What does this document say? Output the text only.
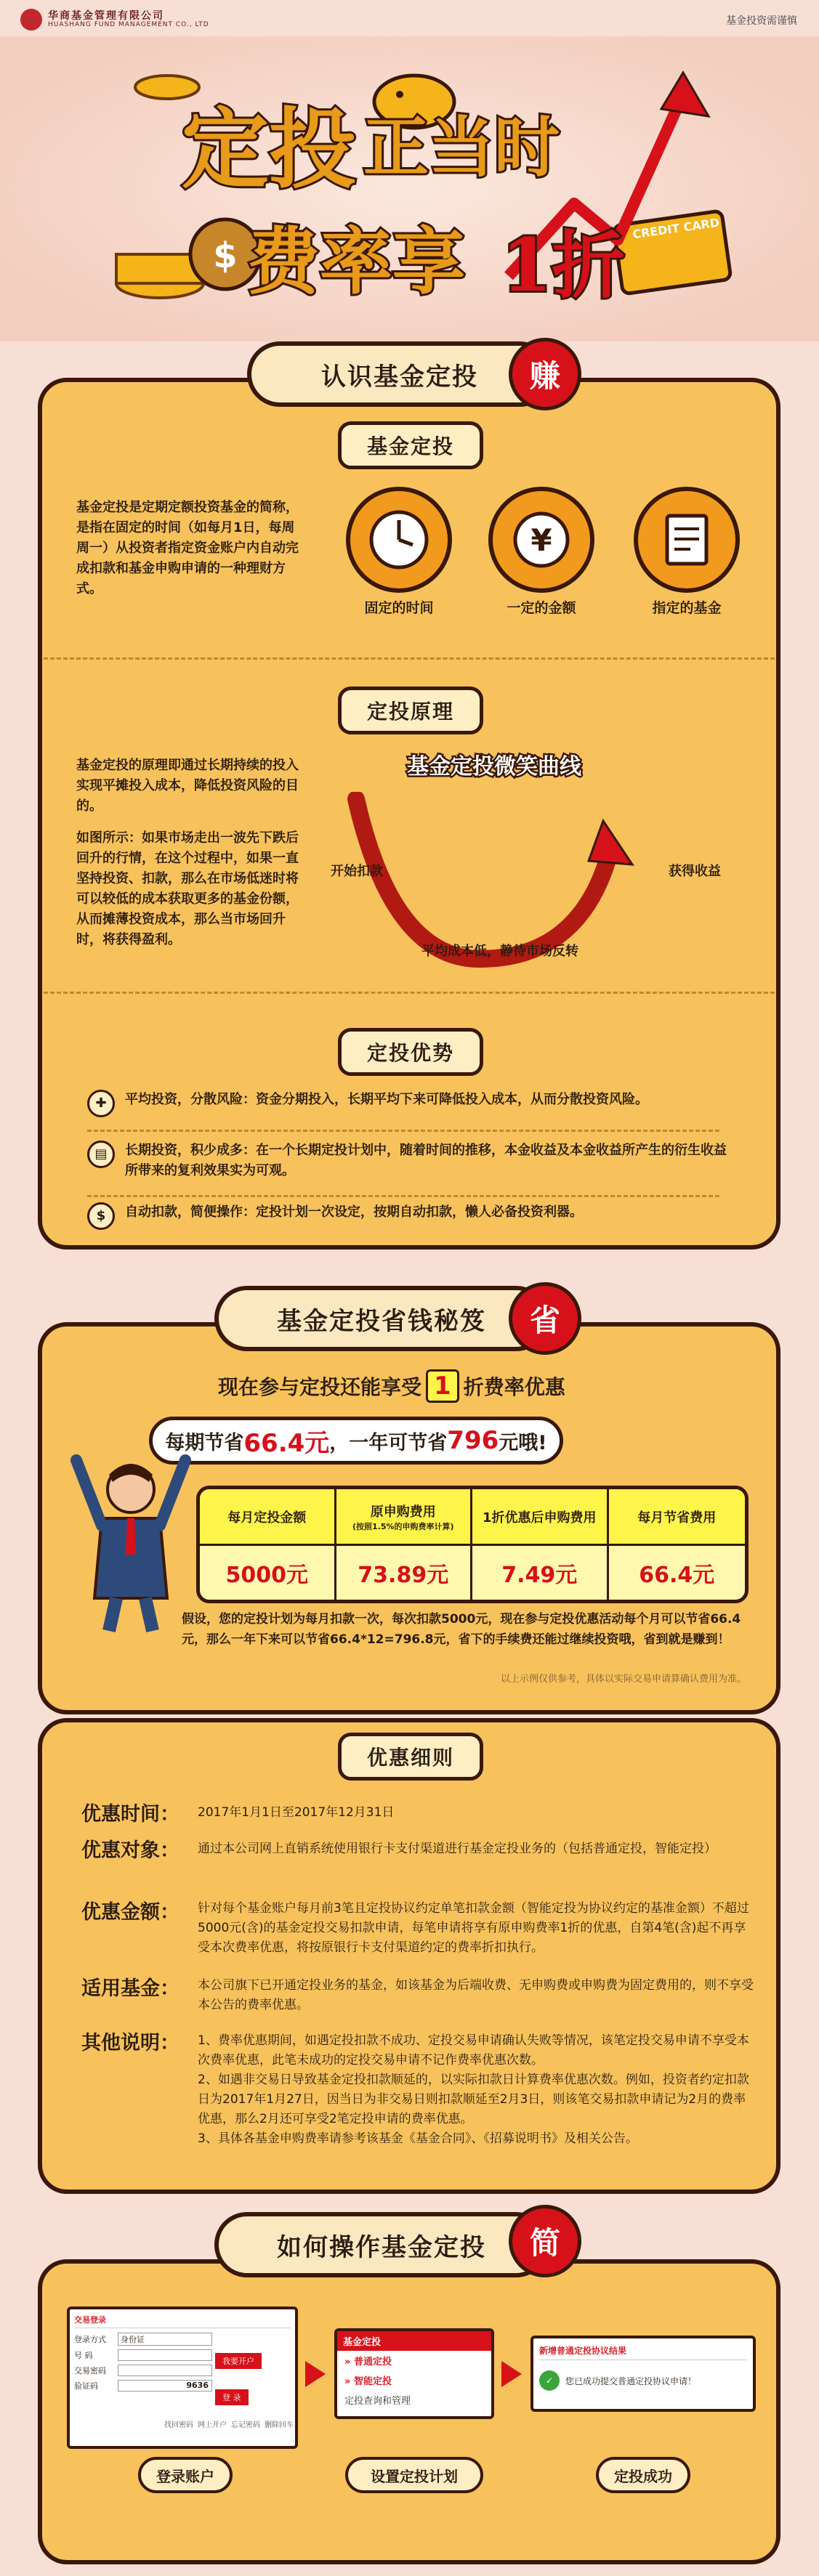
华商基金管理有限公司
HUASHANG FUND MANAGEMENT CO., LTD	基金投资需谨慎
$
定投 正当时
费率享 1折 CREDIT CARD
认识基金定投	赚
基金定投
基金定投是定期定额投资基金的简称，是指在固定的时间（如每月1日，每周周一）从投资者指定资金账户内自动完成扣款和基金申购申请的一种理财方式。
¥
固定的时间	一定的金额	指定的基金
定投原理
基金定投的原理即通过长期持续的投入实现平摊投入成本，降低投资风险的目的。
如图所示：如果市场走出一波先下跌后回升的行情，在这个过程中，如果一直坚持投资、扣款，那么在市场低迷时将可以较低的成本获取更多的基金份额，从而摊薄投资成本，那么当市场回升时，将获得盈利。
基金定投微笑曲线
开始扣款	获得收益
平均成本低，静待市场反转
定投优势
✚	平均投资，分散风险：资金分期投入，长期平均下来可降低投入成本，从而分散投资风险。
▤	长期投资，积少成多：在一个长期定投计划中，随着时间的推移，本金收益及本金收益所产生的衍生收益所带来的复利效果实为可观。
$	自动扣款，简便操作：定投计划一次设定，按期自动扣款，懒人必备投资利器。
基金定投省钱秘笈	省
现在参与定投还能享受 1 折费率优惠
每期节省 66.4元 ，一年可节省 796 元哦!
每月定投金额	原申购费用
(按照1.5%的申购费率计算)
1折优惠后申购费用	每月节省费用
5000元	73.89元	7.49元	66.4元
假设，您的定投计划为每月扣款一次，每次扣款5000元，现在参与定投优惠活动每个月可以节省66.4元，那么一年下来可以节省66.4*12=796.8元，省下的手续费还能过继续投资哦，省到就是赚到！
以上示例仅供参考，具体以实际交易申请算确认费用为准。
优惠细则
优惠时间：	2017年1月1日至2017年12月31日
优惠对象：	通过本公司网上直销系统使用银行卡支付渠道进行基金定投业务的（包括普通定投，智能定投）
优惠金额：	针对每个基金账户每月前3笔且定投协议约定单笔扣款金额（智能定投为协议约定的基准金额）不超过5000元(含)的基金定投交易扣款申请，每笔申请将享有原申购费率1折的优惠，自第4笔(含)起不再享受本次费率优惠，将按原银行卡支付渠道约定的费率折扣执行。
适用基金：	本公司旗下已开通定投业务的基金，如该基金为后端收费、无申购费或申购费为固定费用的，则不享受本公告的费率优惠。
其他说明：	1、费率优惠期间，如遇定投扣款不成功、定投交易申请确认失败等情况，该笔定投交易申请不享受本次费率优惠，此笔未成功的定投交易申请不记作费率优惠次数。
2、如遇非交易日导致基金定投扣款顺延的，以实际扣款日计算费率优惠次数。例如，投资者约定扣款日为2017年1月27日，因当日为非交易日则扣款顺延至2月3日，则该笔交易扣款申请记为2月的费率优惠，那么2月还可享受2笔定投申请的费率优惠。
3、具体各基金申购费率请参考该基金《基金合同》、《招募说明书》及相关公告。
如何操作基金定投	简
交易登录
登录方式	身份证
号 码
交易密码
验证码	9636
我要开户
登 录
找回密码 网上开户 忘记密码 删除回车
基金定投
» 普通定投
» 智能定投
定投查询和管理
新增普通定投协议结果
✓	您已成功提交普通定投协议申请！
登录账户	设置定投计划	定投成功
